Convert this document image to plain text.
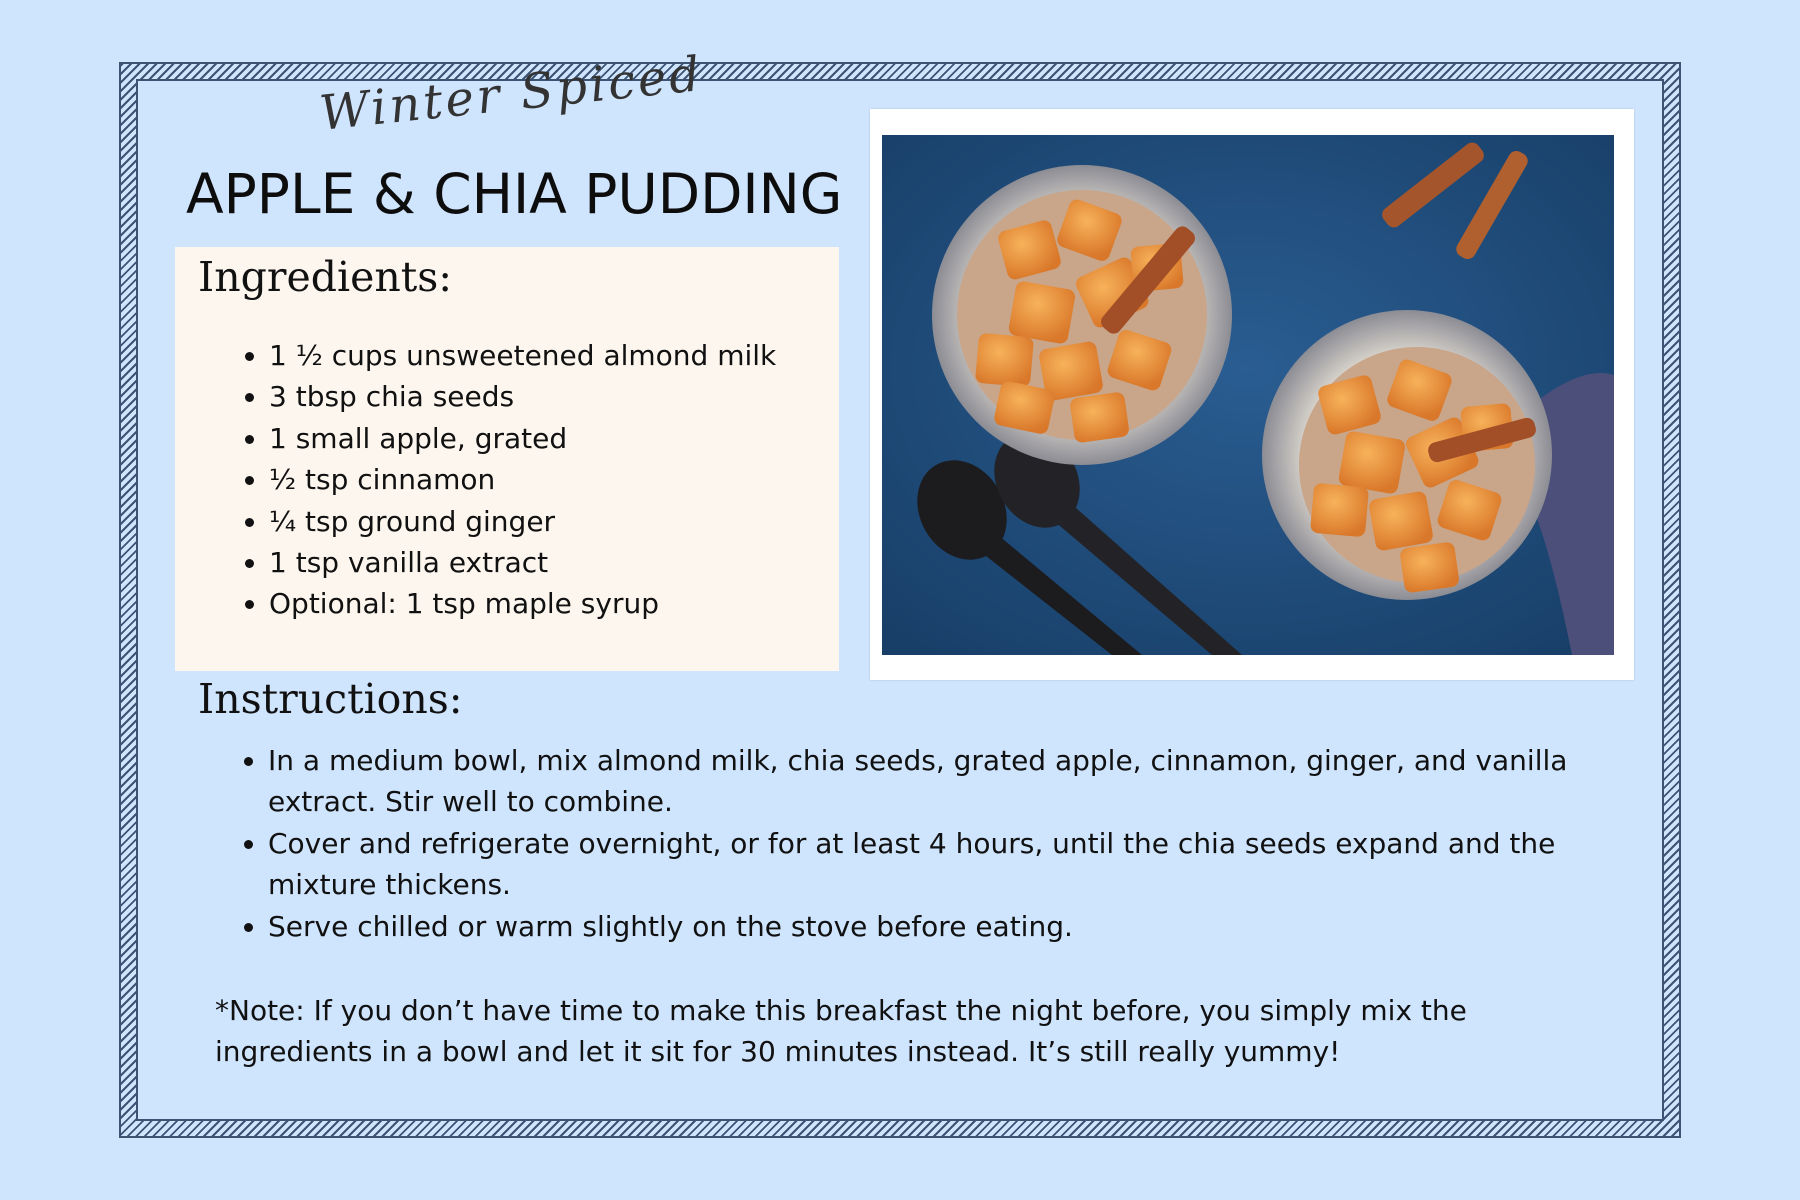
Winter Spiced
APPLE & CHIA PUDDING
Ingredients:
• 1 ½ cups unsweetened almond milk
• 3 tbsp chia seeds
• 1 small apple, grated
• ½ tsp cinnamon
• ¼ tsp ground ginger
• 1 tsp vanilla extract
• Optional: 1 tsp maple syrup
Instructions:
• In a medium bowl, mix almond milk, chia seeds, grated apple, cinnamon, ginger, and vanilla extract. Stir well to combine.
• Cover and refrigerate overnight, or for at least 4 hours, until the chia seeds expand and the mixture thickens.
• Serve chilled or warm slightly on the stove before eating.
*Note: If you don’t have time to make this breakfast the night before, you simply mix the ingredients in a bowl and let it sit for 30 minutes instead. It’s still really yummy!
